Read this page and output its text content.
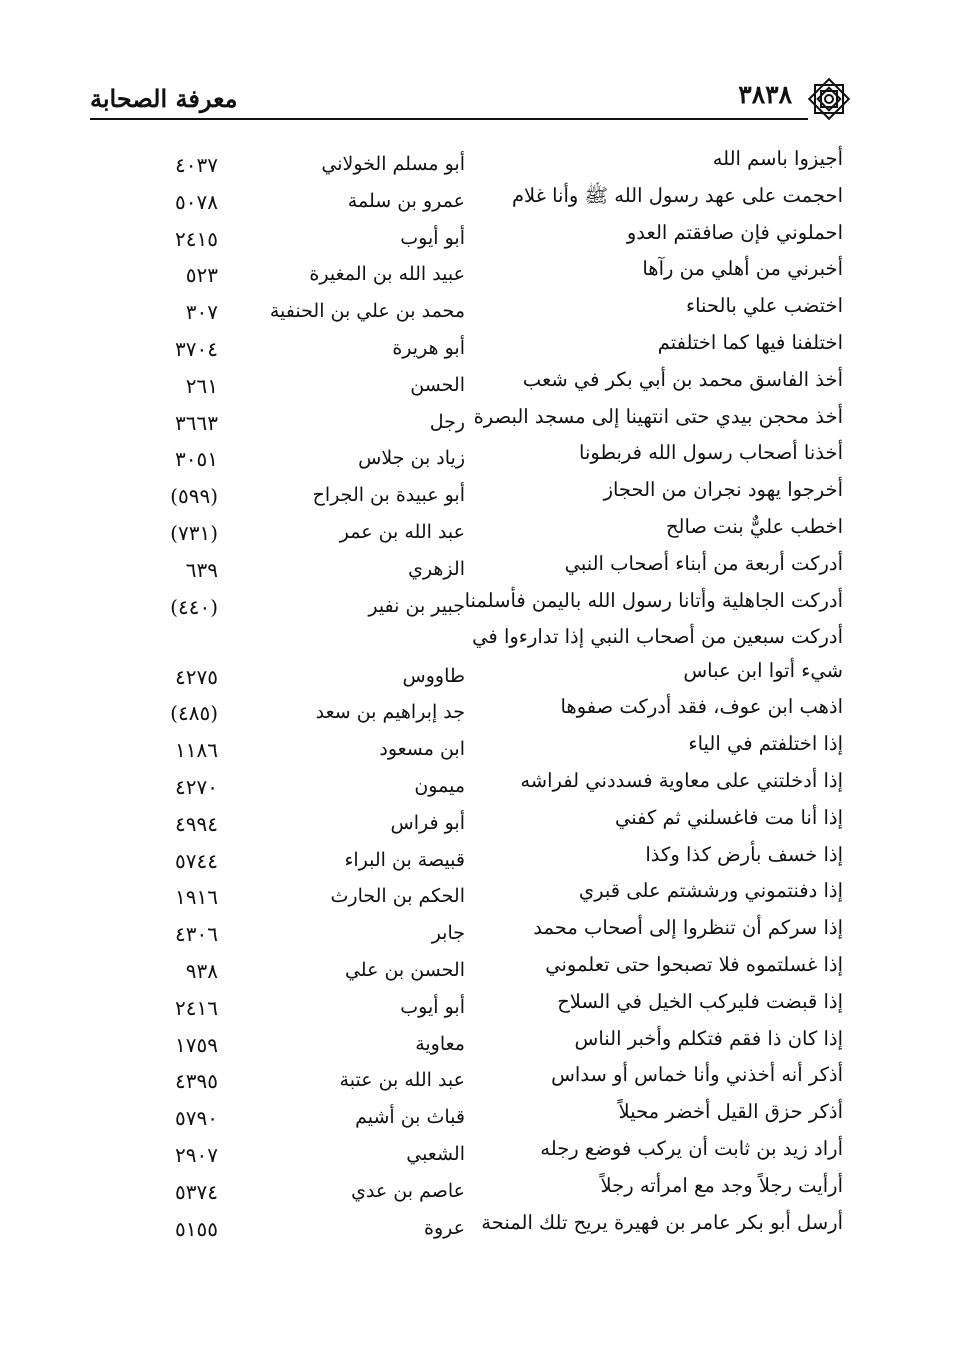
٣٨٣٨
معرفة الصحابة
أجيزوا باسم الله
أبو مسلم الخولاني
٤٠٣٧
احجمت على عهد رسول الله ﷺ وأنا غلام
عمرو بن سلمة
٥٠٧٨
احملوني فإن صافقتم العدو
أبو أيوب
٢٤١٥
أخبرني من أهلي من رآها
عبيد الله بن المغيرة
٥٢٣
اختضب علي بالحناء
محمد بن علي بن الحنفية
٣٠٧
اختلفنا فيها كما اختلفتم
أبو هريرة
٣٧٠٤
أخذ الفاسق محمد بن أبي بكر في شعب
الحسن
٢٦١
أخذ محجن بيدي حتى انتهينا إلى مسجد البصرة
رجل
٣٦٦٣
أخذنا أصحاب رسول الله فربطونا
زياد بن جلاس
٣٠٥١
أخرجوا يهود نجران من الحجاز
أبو عبيدة بن الجراح
(٥٩٩)
اخطب عليٌّ بنت صالح
عبد الله بن عمر
(٧٣١)
أدركت أربعة من أبناء أصحاب النبي
الزهري
٦٣٩
أدركت الجاهلية وأتانا رسول الله باليمن فأسلمنا
جبير بن نفير
(٤٤٠)
أدركت سبعين من أصحاب النبي إذا تدارءوا في
شيء أتوا ابن عباس
طاووس
٤٢٧٥
اذهب ابن عوف، فقد أدركت صفوها
جد إبراهيم بن سعد
(٤٨٥)
إذا اختلفتم في الياء
ابن مسعود
١١٨٦
إذا أدخلتني على معاوية فسددني لفراشه
ميمون
٤٢٧٠
إذا أنا مت فاغسلني ثم كفني
أبو فراس
٤٩٩٤
إذا خسف بأرض كذا وكذا
قبيصة بن البراء
٥٧٤٤
إذا دفنتموني ورششتم على قبري
الحكم بن الحارث
١٩١٦
إذا سركم أن تنظروا إلى أصحاب محمد
جابر
٤٣٠٦
إذا غسلتموه فلا تصبحوا حتى تعلموني
الحسن بن علي
٩٣٨
إذا قبضت فليركب الخيل في السلاح
أبو أيوب
٢٤١٦
إذا كان ذا فقم فتكلم وأخبر الناس
معاوية
١٧٥٩
أذكر أنه أخذني وأنا خماس أو سداس
عبد الله بن عتبة
٤٣٩٥
أذكر حزق القيل أخضر محيلاً
قباث بن أشيم
٥٧٩٠
أراد زيد بن ثابت أن يركب فوضع رجله
الشعبي
٢٩٠٧
أرأيت رجلاً وجد مع امرأته رجلاً
عاصم بن عدي
٥٣٧٤
أرسل أبو بكر عامر بن فهيرة يريح تلك المنحة
عروة
٥١٥٥
